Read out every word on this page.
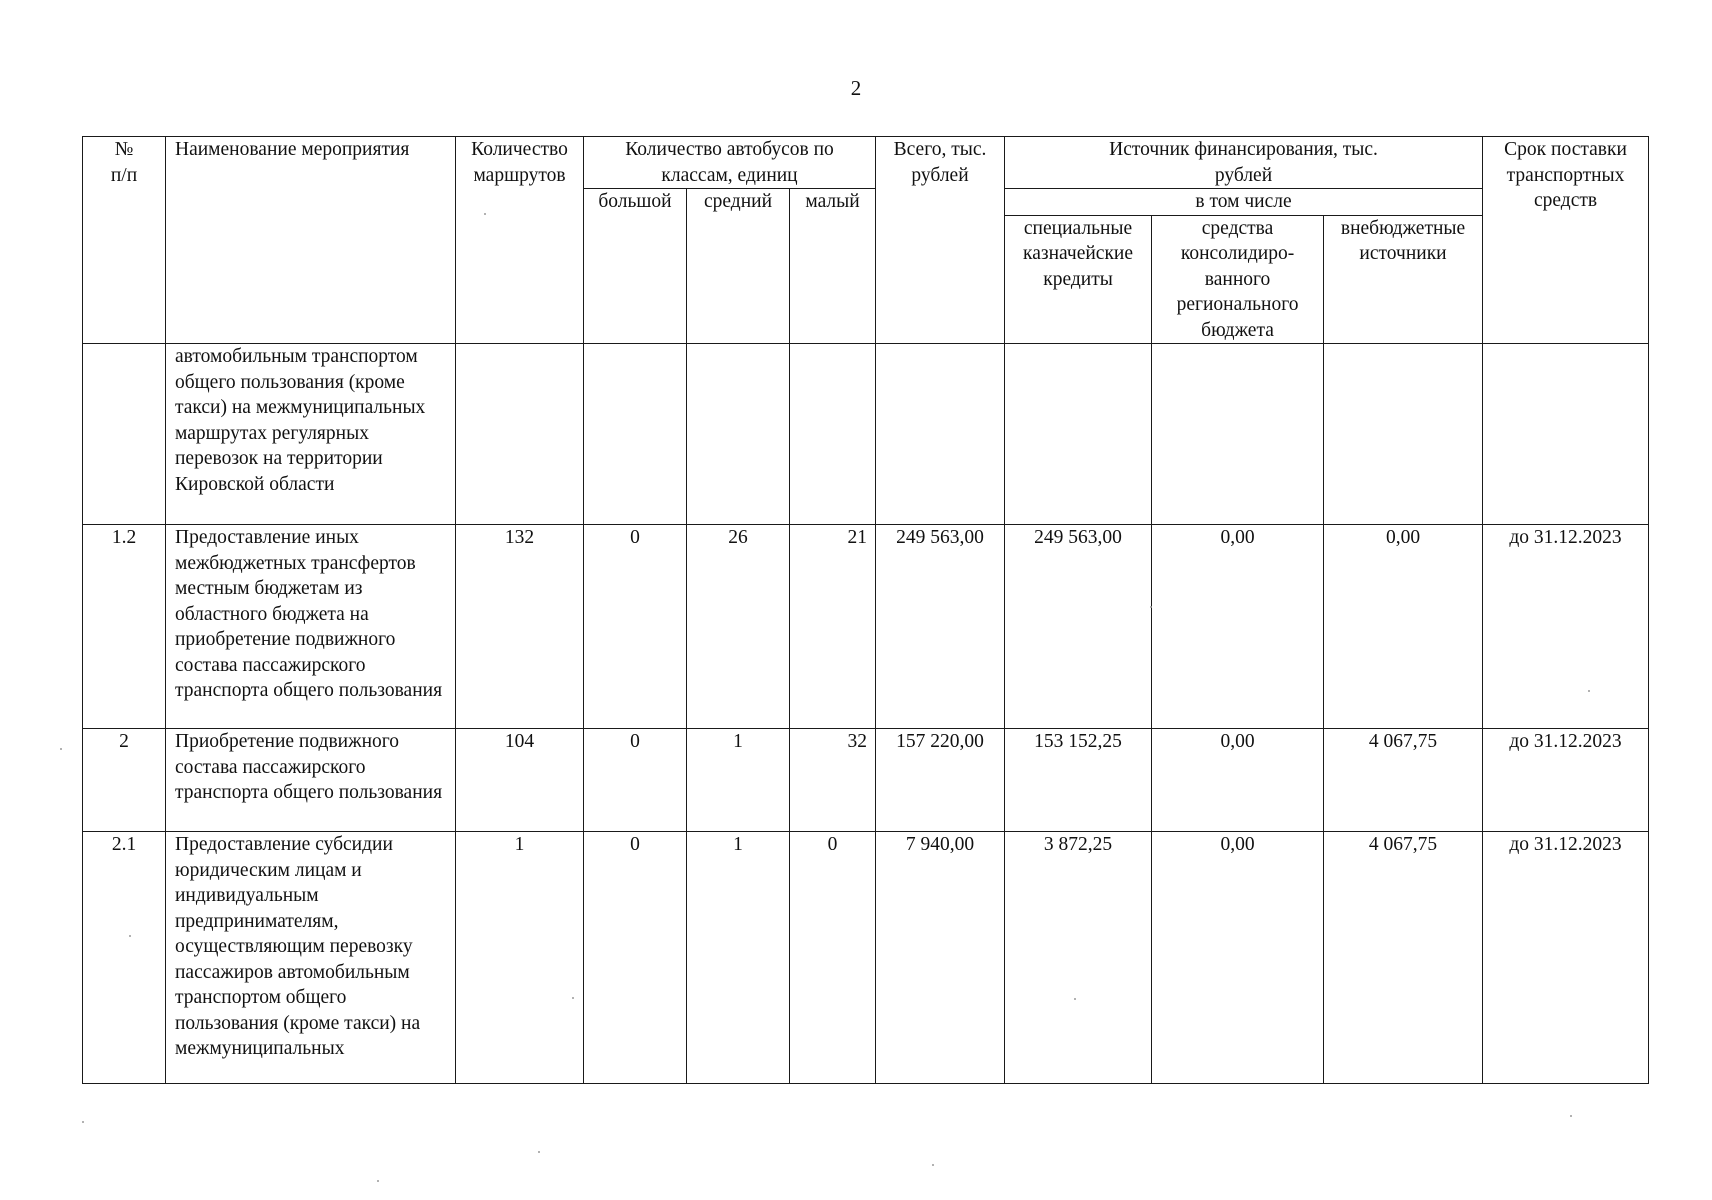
2
№
п/п	Наименование мероприятия	Количество маршрутов	Количество автобусов по классам, единиц			Всего, тыс. рублей	Источник финансирования, тыс. рублей			Срок поставки транспортных средств
			большой	средний	малый		в том числе			
							специальные казначейские кредиты	средства консолидиро-ванного регионального бюджета	внебюджетные источники	
	автомобильным транспортом общего пользования (кроме такси) на межмуниципальных маршрутах регулярных перевозок на территории Кировской области									
1.2	Предоставление иных межбюджетных трансфертов местным бюджетам из областного бюджета на приобретение подвижного состава пассажирского транспорта общего пользования	132	0	26	21	249 563,00	249 563,00	0,00	0,00	до 31.12.2023
2	Приобретение подвижного состава пассажирского транспорта общего пользования	104	0	1	32	157 220,00	153 152,25	0,00	4 067,75	до 31.12.2023
2.1	Предоставление субсидии юридическим лицам и индивидуальным предпринимателям, осуществляющим перевозку пассажиров автомобильным транспортом общего пользования (кроме такси) на межмуниципальных	1	0	1	0	7 940,00	3 872,25	0,00	4 067,75	до 31.12.2023
